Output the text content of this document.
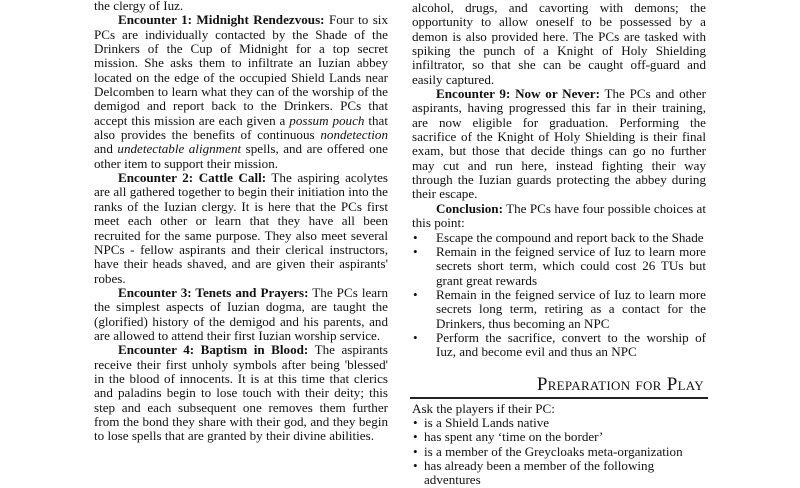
the clergy of Iuz.

Encounter 1: Midnight Rendezvous: Four to six PCs are individually contacted by the Shade of the Drinkers of the Cup of Midnight for a top secret mission. She asks them to infiltrate an Iuzian abbey located on the edge of the occupied Shield Lands near Delcomben to learn what they can of the worship of the demigod and report back to the Drinkers. PCs that accept this mission are each given a possum pouch that also provides the benefits of continuous nondetection and undetectable alignment spells, and are offered one other item to support their mission.

Encounter 2: Cattle Call: The aspiring acolytes are all gathered together to begin their initiation into the ranks of the Iuzian clergy. It is here that the PCs first meet each other or learn that they have all been recruited for the same purpose. They also meet several NPCs - fellow aspirants and their clerical instructors, have their heads shaved, and are given their aspirants' robes.

Encounter 3: Tenets and Prayers: The PCs learn the simplest aspects of Iuzian dogma, are taught the (glorified) history of the demigod and his parents, and are allowed to attend their first Iuzian worship service.

Encounter 4: Baptism in Blood: The aspirants receive their first unholy symbols after being 'blessed' in the blood of innocents. It is at this time that clerics and paladins begin to lose touch with their deity; this step and each subsequent one removes them further from the bond they share with their god, and they begin to lose spells that are granted by their divine abilities.

alcohol, drugs, and cavorting with demons; the opportunity to allow oneself to be possessed by a demon is also provided here. The PCs are tasked with spiking the punch of a Knight of Holy Shielding infiltrator, so that she can be caught off-guard and easily captured.

Encounter 9: Now or Never: The PCs and other aspirants, having progressed this far in their training, are now eligible for graduation. Performing the sacrifice of the Knight of Holy Shielding is their final exam, but those that decide things can go no further may cut and run here, instead fighting their way through the Iuzian guards protecting the abbey during their escape.

Conclusion: The PCs have four possible choices at this point:

• Escape the compound and report back to the Shade
• Remain in the feigned service of Iuz to learn more secrets short term, which could cost 26 TUs but grant great rewards
• Remain in the feigned service of Iuz to learn more secrets long term, retiring as a contact for the Drinkers, thus becoming an NPC
• Perform the sacrifice, convert to the worship of Iuz, and become evil and thus an NPC
Preparation for Play

Ask the players if their PC:

• is a Shield Lands native
• has spent any ‘time on the border’
• is a member of the Greycloaks meta-organization
• has already been a member of the following adventures
